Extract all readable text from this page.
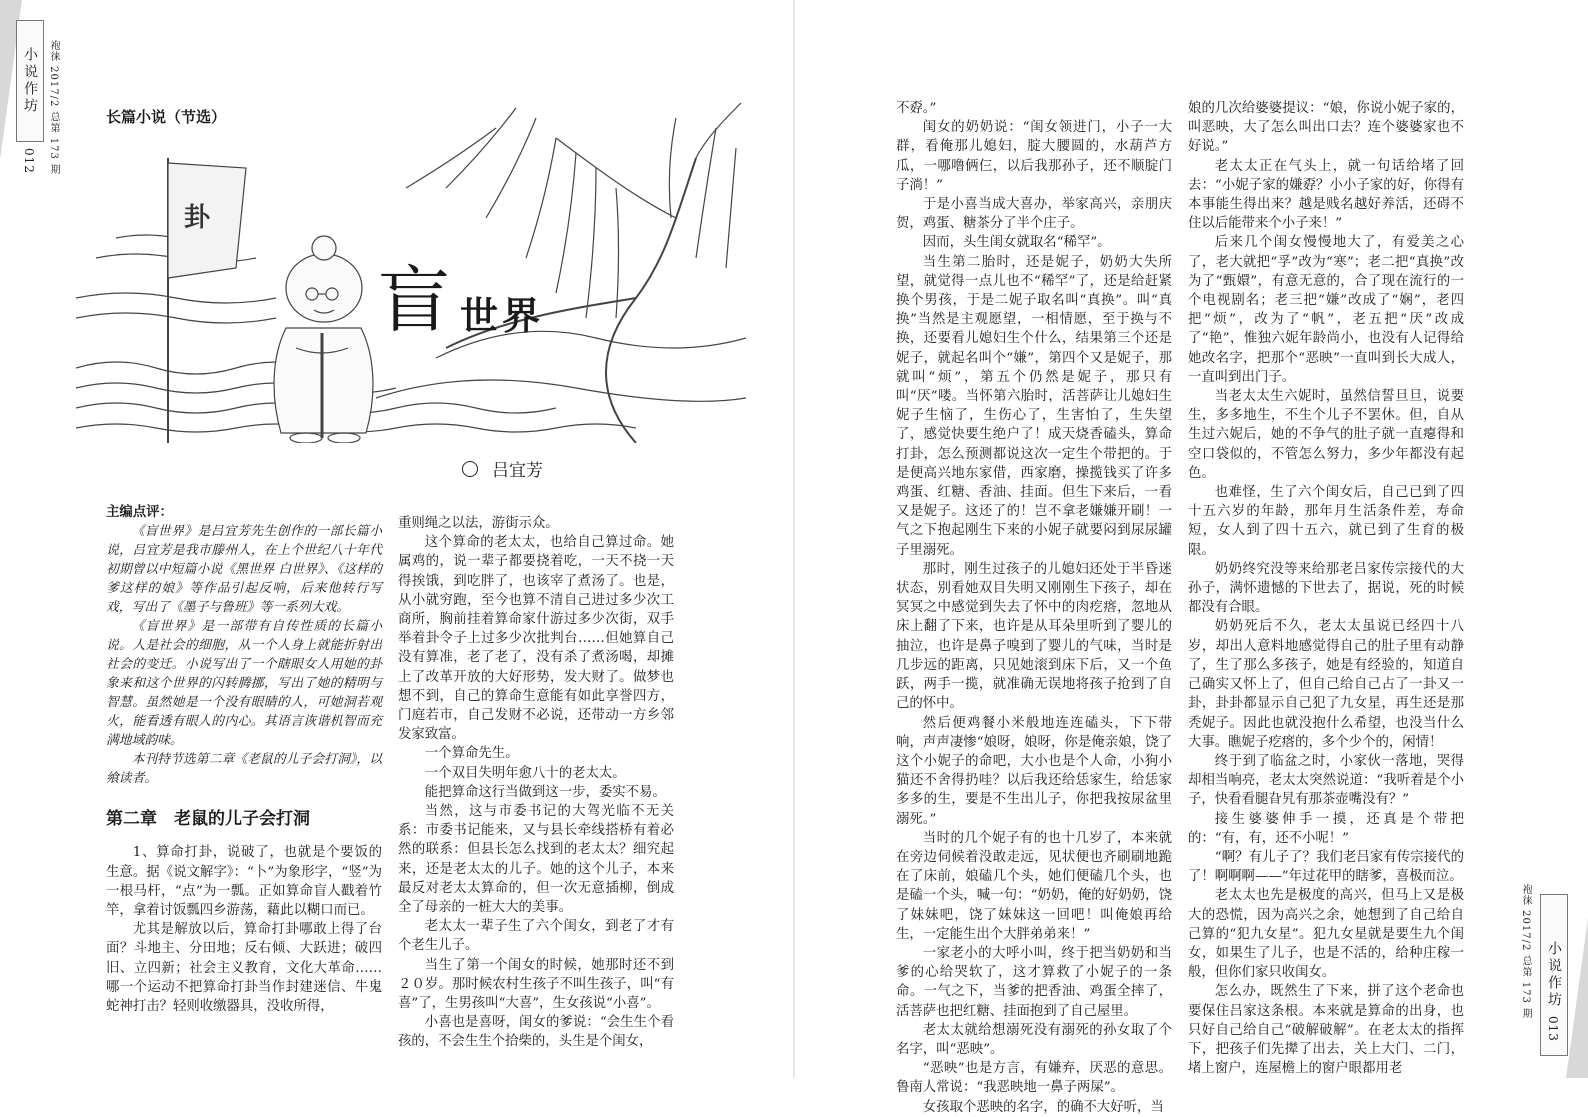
小说作坊
012 袍徕 2017/2 总第 173 期
小说作坊
013
袍徕 2017/2 总第 173 期
长篇小说（节选）
卦
盲 世界
吕宜芳

主编点评：

《盲世界》是吕宜芳先生创作的一部长篇小说，吕宜芳是我市滕州人，在上个世纪八十年代初期曾以中短篇小说《黑世界 白世界》、《这样的爹这样的娘》等作品引起反响，后来他转行写戏，写出了《墨子与鲁班》等一系列大戏。

《盲世界》是一部带有自传性质的长篇小说。人是社会的细胞，从一个人身上就能折射出社会的变迁。小说写出了一个瞎眼女人用她的卦象来和这个世界的闪转腾挪，写出了她的精明与智慧。虽然她是一个没有眼睛的人，可她洞若观火，能看透有眼人的内心。其语言诙谐机智而充满地域韵味。

本刊特节选第二章《老鼠的儿子会打洞》，以飨读者。

第二章　老鼠的儿子会打洞

1、算命打卦，说破了，也就是个要饭的生意。据《说文解字》：“卜”为象形字，“竖”为一根马杆，“点”为一瓢。正如算命盲人戳着竹竿，拿着讨饭瓢四乡游荡，藉此以糊口而已。

尤其是解放以后，算命打卦哪敢上得了台面？斗地主、分田地；反右倾、大跃进；破四旧、立四新；社会主义教育，文化大革命……哪一个运动不把算命打卦当作封建迷信、牛鬼蛇神打击？轻则收缴器具，没收所得，

重则绳之以法，游街示众。

这个算命的老太太，也给自己算过命。她属鸡的，说一辈子都要挠着吃，一天不挠一天得挨饿，到吃胖了，也该宰了煮汤了。也是，从小就穷跑，至今也算不清自己进过多少次工商所，胸前挂着算命家什游过多少次街，双手举着卦令子上过多少次批判台……但她算自己没有算准，老了老了，没有杀了煮汤喝，却摊上了改革开放的大好形势，发大财了。做梦也想不到，自己的算命生意能有如此享誉四方，门庭若市，自己发财不必说，还带动一方乡邻发家致富。

一个算命先生。

一个双目失明年愈八十的老太太。

能把算命这行当做到这一步，委实不易。

当然，这与市委书记的大驾光临不无关系：市委书记能来，又与县长牵线搭桥有着必然的联系：但县长怎么找到的老太太？细究起来，还是老太太的儿子。她的这个儿子，本来最反对老太太算命的，但一次无意插柳，倒成全了母亲的一桩大大的美事。

老太太一辈子生了六个闺女，到老了才有个老生儿子。

当生了第一个闺女的时候，她那时还不到２０岁。那时候农村生孩子不叫生孩子，叫“有喜”了，生男孩叫“大喜”，生女孩说“小喜”。

小喜也是喜呀，闺女的爹说：“会生生个看孩的，不会生生个拾柴的，头生是个闺女，

不孬。”

闺女的奶奶说：“闺女领进门，小子一大群，看俺那儿媳妇，腚大腰圆的，水葫芦方瓜，一哪噜俩仨，以后我那孙子，还不顺腚门子淌！”

于是小喜当成大喜办，举家高兴，亲朋庆贺，鸡蛋、糖茶分了半个庄子。

因而，头生闺女就取名“稀罕”。

当生第二胎时，还是妮子，奶奶大失所望，就觉得一点儿也不“稀罕”了，还是给赶紧换个男孩，于是二妮子取名叫“真换”。叫“真换”当然是主观愿望，一相情愿，至于换与不换，还要看儿媳妇生个什么，结果第三个还是妮子，就起名叫个“嫌”，第四个又是妮子，那就叫“烦”，第五个仍然是妮子，那只有叫“厌”喽。当怀第六胎时，活菩萨让儿媳妇生妮子生恼了，生伤心了，生害怕了，生失望了，感觉快要生绝户了！成天烧香磕头，算命打卦，怎么预测都说这次一定生个带把的。于是便高兴地东家借，西家磨，操揽钱买了许多鸡蛋、红糖、香油、挂面。但生下来后，一看又是妮子。这还了的！岂不拿老嫌嫌开刷！一气之下抱起刚生下来的小妮子就要闷到尿尿罐子里溺死。

那时，刚生过孩子的儿媳妇还处于半昏迷状态，别看她双目失明又刚刚生下孩子，却在冥冥之中感觉到失去了怀中的肉疙瘩，忽地从床上翻了下来，也许是从耳朵里听到了婴儿的抽泣，也许是鼻子嗅到了婴儿的气味，当时是几步远的距离，只见她滚到床下后，又一个鱼跃，两手一揽，就准确无误地将孩子抢到了自己的怀中。

然后便鸡餐小米般地连连磕头，下下带响，声声凄惨“娘呀，娘呀，你是俺亲娘，饶了这个小妮子的命吧，大小也是个人命，小狗小猫还不舍得扔哇？以后我还给恁家生，给恁家多多的生，要是不生出儿子，你把我按尿盆里溺死。”

当时的几个妮子有的也十几岁了，本来就在旁边伺候着没敢走远，见状便也齐刷刷地跪在了床前，娘磕几个头，她们便磕几个头，也是磕一个头，喊一句：“奶奶，俺的好奶奶，饶了妹妹吧，饶了妹妹这一回吧！叫俺娘再给生，一定能生出个大胖弟弟来！”

一家老小的大呼小叫，终于把当奶奶和当爹的心给哭软了，这才算救了小妮子的一条命。一气之下，当爹的把香油、鸡蛋全摔了，活菩萨也把红糖、挂面抱到了自己屋里。

老太太就给想溺死没有溺死的孙女取了个名字，叫“恶映”。

“恶映”也是方言，有嫌弃，厌恶的意思。鲁南人常说：“我恶映地一鼻子两屎”。

女孩取个恶映的名字，的确不大好听，当

娘的几次给婆婆提议：“娘，你说小妮子家的，叫恶映，大了怎么叫出口去？连个婆婆家也不好说。”

老太太正在气头上，就一句话给堵了回去：“小妮子家的嫌孬？小小子家的好，你得有本事能生得出来？越是贱名越好养活，还碍不住以后能带来个小子来！”

后来几个闺女慢慢地大了，有爱美之心了，老大就把“孚”改为“寒”；老二把“真换”改为了“甄嬛”，有意无意的，合了现在流行的一个电视剧名；老三把“嫌”改成了“娴”，老四把“烦”，改为了“帆”，老五把“厌”改成了“艳”，惟独六妮年龄尚小，也没有人记得给她改名字，把那个“恶映”一直叫到长大成人，一直叫到出门子。

当老太太生六妮时，虽然信誓旦旦，说要生，多多地生，不生个儿子不罢休。但，自从生过六妮后，她的不争气的肚子就一直瘪得和空口袋似的，不管怎么努力，多少年都没有起色。

也难怪，生了六个闺女后，自己已到了四十五六岁的年龄，那年月生活条件差，寿命短，女人到了四十五六，就已到了生育的极限。

奶奶终究没等来给那老吕家传宗接代的大孙子，满怀遗憾的下世去了，据说，死的时候都没有合眼。

奶奶死后不久，老太太虽说已经四十八岁，却出人意料地感觉得自己的肚子里有动静了，生了那么多孩子，她是有经验的，知道自己确实又怀上了，但自己给自己占了一卦又一卦，卦卦都显示自己犯了九女星，再生还是那秃妮子。因此也就没抱什么希望，也没当什么大事。瞧妮子疙瘩的，多个少个的，闲情！

终于到了临盆之时，小家伙一落地，哭得却相当响亮，老太太突然说道：“我听着是个小子，快看看腿旮旯有那茶壶嘴没有？”

接生婆婆伸手一摸，还真是个带把的：“有，有，还不小呢！”

“啊？有儿子了？我们老吕家有传宗接代的了！啊啊啊——”年过花甲的瞎爹，喜极而泣。

老太太也先是极度的高兴，但马上又是极大的恐慌，因为高兴之余，她想到了自己给自己算的“犯九女星”。犯九女星就是要生九个闺女，如果生了儿子，也是不活的，给种庄稼一般，但你们家只收闺女。

怎么办，既然生了下来，拼了这个老命也要保住吕家这条根。本来就是算命的出身，也只好自己给自己“破解破解”。在老太太的指挥下，把孩子们先撵了出去，关上大门、二门，堵上窗户，连屋檐上的窗户眼都用老
